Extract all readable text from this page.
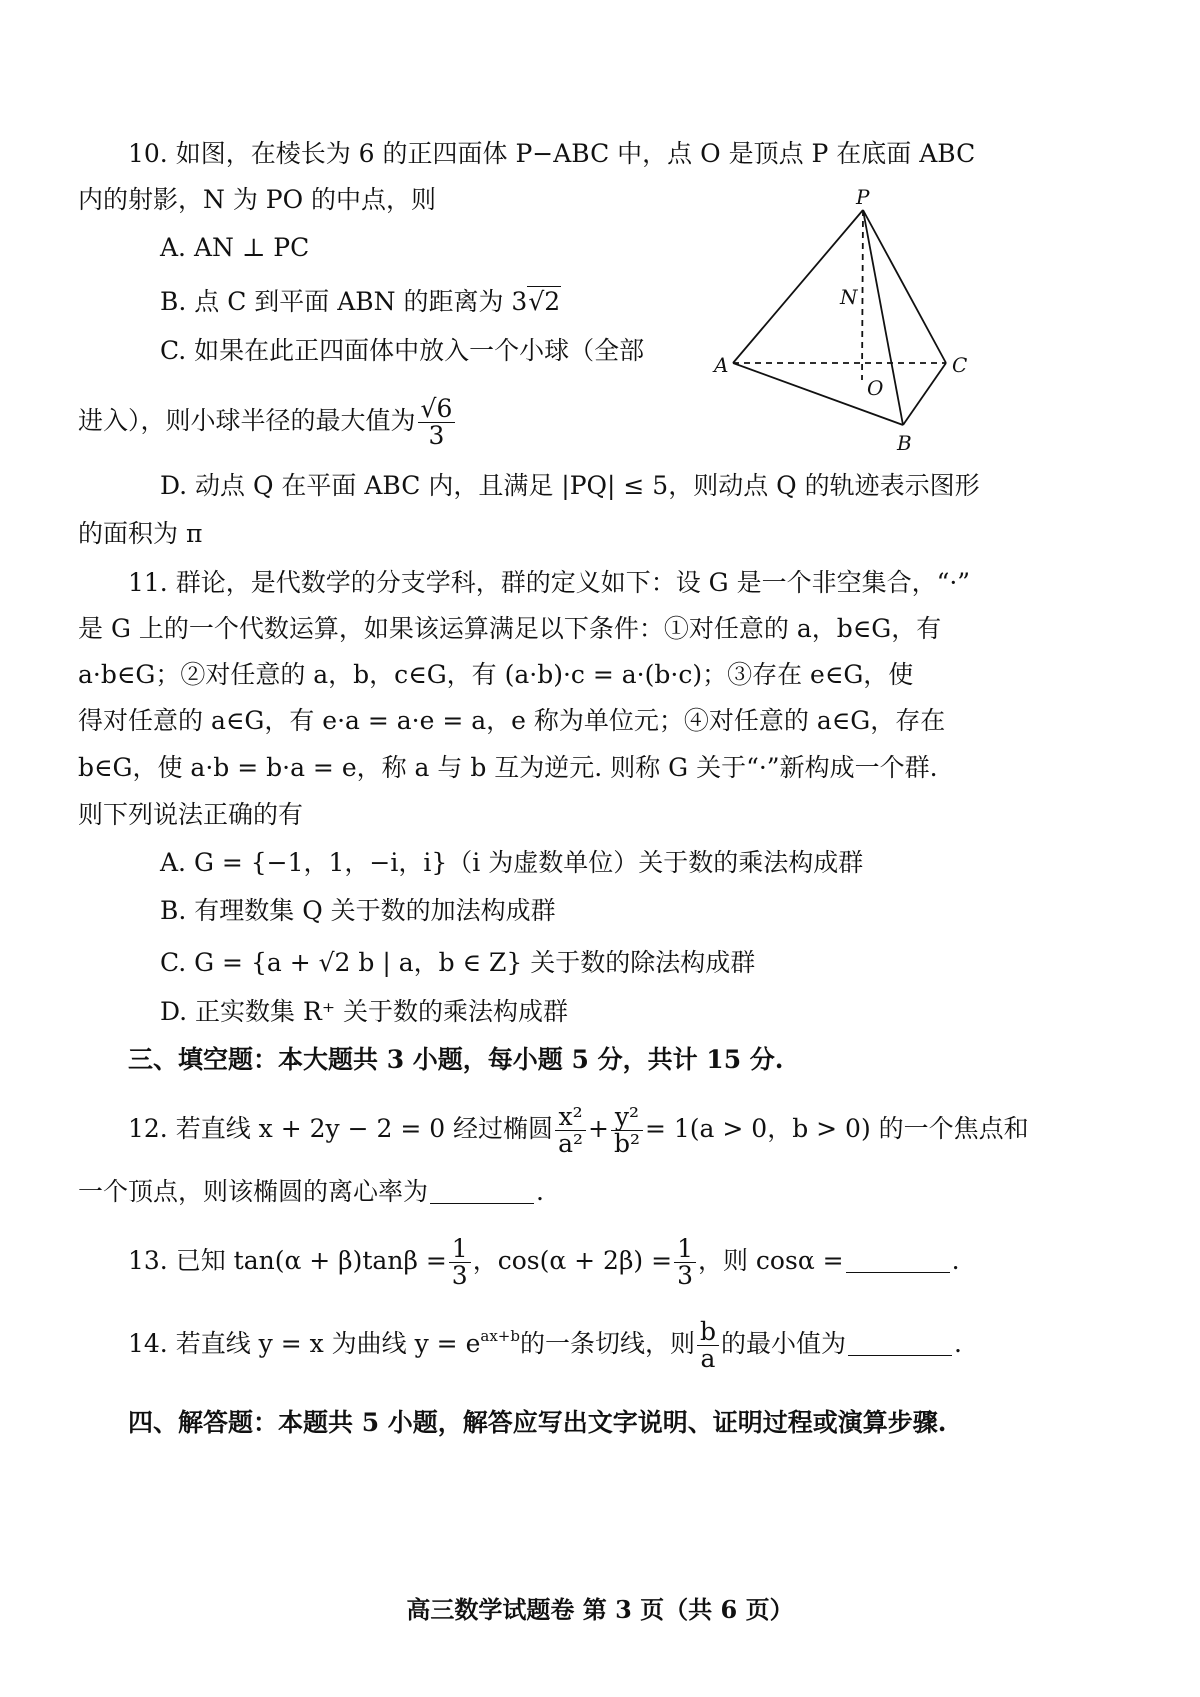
10. 如图，在棱长为 6 的正四面体 P−ABC 中，点 O 是顶点 P 在底面 ABC
内的射影，N 为 PO 的中点，则
A. AN ⊥ PC
B. 点 C 到平面 ABN 的距离为 3√2
C. 如果在此正四面体中放入一个小球（全部
进入），则小球半径的最大值为 $\frac{√6}{3}$
D. 动点 Q 在平面 ABC 内，且满足 |PQ| ≤ 5，则动点 Q 的轨迹表示图形
的面积为 π
P
N
A	C
O
B
11. 群论，是代数学的分支学科，群的定义如下：设 G 是一个非空集合，“·”
是 G 上的一个代数运算，如果该运算满足以下条件：①对任意的 a，b∈G，有
a·b∈G；②对任意的 a，b，c∈G，有 (a·b)·c = a·(b·c)；③存在 e∈G，使
得对任意的 a∈G，有 e·a = a·e = a，e 称为单位元；④对任意的 a∈G，存在
b∈G，使 a·b = b·a = e，称 a 与 b 互为逆元. 则称 G 关于“·”新构成一个群.
则下列说法正确的有
A. G = {−1，1，−i，i}（i 为虚数单位）关于数的乘法构成群
B. 有理数集 Q 关于数的加法构成群
C. G = {a + √2 b | a，b ∈ Z} 关于数的除法构成群
D. 正实数集 R⁺ 关于数的乘法构成群
三、填空题：本大题共 3 小题，每小题 5 分，共计 15 分.
12. 若直线 x + 2y − 2 = 0 经过椭圆 $\frac{\text{x²}}{\text{a²}} + \frac{\text{y²}}{\text{b²}} = 1(a > 0$，b > 0) 的一个焦点和
一个顶点，则该椭圆的离心率为	.
13. 已知 $\tan(\alpha + \beta)\tan\beta = \frac{1}{3}$ ，$\cos(\alpha + 2\beta) = \frac{1}{3}$ ，则 cosα =	.
14. 若直线 y = x 为曲线 $y = e^{ax+b}$的一条切线，则 $\frac{b}{a}$ 的最小值为	.
四、解答题：本题共 5 小题，解答应写出文字说明、证明过程或演算步骤.
高三数学试题卷 第 3 页（共 6 页）
